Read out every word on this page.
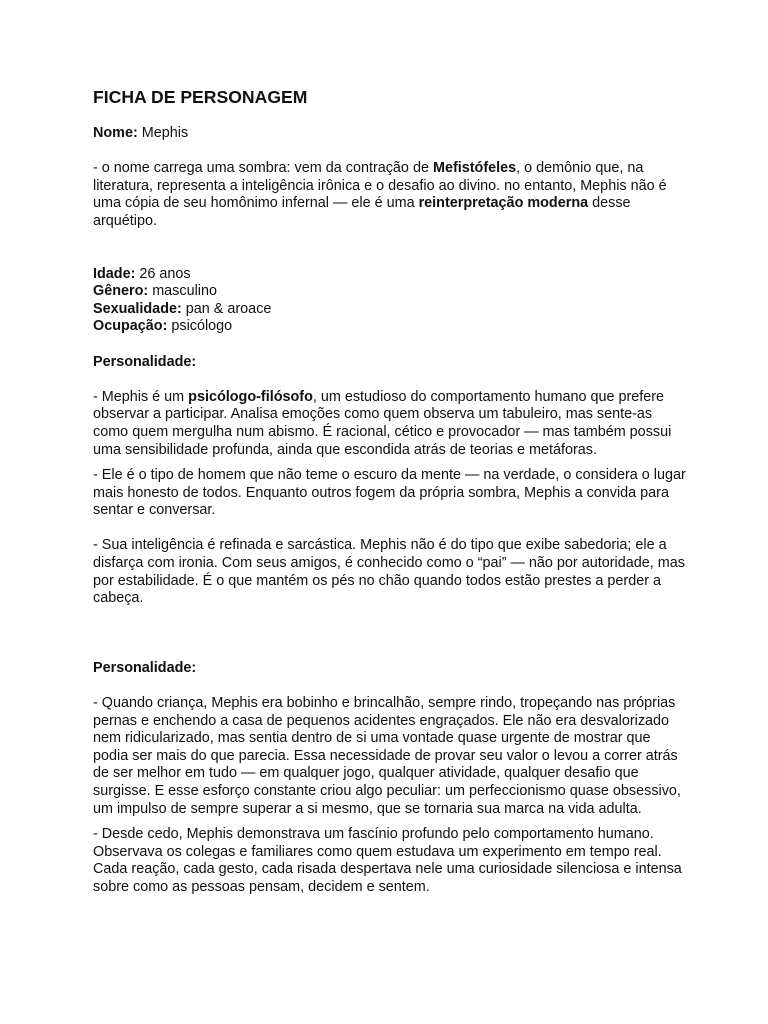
FICHA DE PERSONAGEM

Nome: Mephis

- o nome carrega uma sombra: vem da contração de Mefistófeles, o demônio que, na literatura, representa a inteligência irônica e o desafio ao divino. no entanto, Mephis não é uma cópia de seu homônimo infernal — ele é uma reinterpretação moderna desse arquétipo.

Idade: 26 anos

Gênero: masculino

Sexualidade: pan & aroace

Ocupação: psicólogo

Personalidade:

- Mephis é um psicólogo-filósofo, um estudioso do comportamento humano que prefere observar a participar. Analisa emoções como quem observa um tabuleiro, mas sente-as como quem mergulha num abismo. É racional, cético e provocador — mas também possui uma sensibilidade profunda, ainda que escondida atrás de teorias e metáforas.

- Ele é o tipo de homem que não teme o escuro da mente — na verdade, o considera o lugar mais honesto de todos. Enquanto outros fogem da própria sombra, Mephis a convida para sentar e conversar.

- Sua inteligência é refinada e sarcástica. Mephis não é do tipo que exibe sabedoria; ele a disfarça com ironia. Com seus amigos, é conhecido como o “pai” — não por autoridade, mas por estabilidade. É o que mantém os pés no chão quando todos estão prestes a perder a cabeça.

Personalidade:

- Quando criança, Mephis era bobinho e brincalhão, sempre rindo, tropeçando nas próprias pernas e enchendo a casa de pequenos acidentes engraçados. Ele não era desvalorizado nem ridicularizado, mas sentia dentro de si uma vontade quase urgente de mostrar que podia ser mais do que parecia. Essa necessidade de provar seu valor o levou a correr atrás de ser melhor em tudo — em qualquer jogo, qualquer atividade, qualquer desafio que surgisse. E esse esforço constante criou algo peculiar: um perfeccionismo quase obsessivo, um impulso de sempre superar a si mesmo, que se tornaria sua marca na vida adulta.

- Desde cedo, Mephis demonstrava um fascínio profundo pelo comportamento humano. Observava os colegas e familiares como quem estudava um experimento em tempo real. Cada reação, cada gesto, cada risada despertava nele uma curiosidade silenciosa e intensa sobre como as pessoas pensam, decidem e sentem.
